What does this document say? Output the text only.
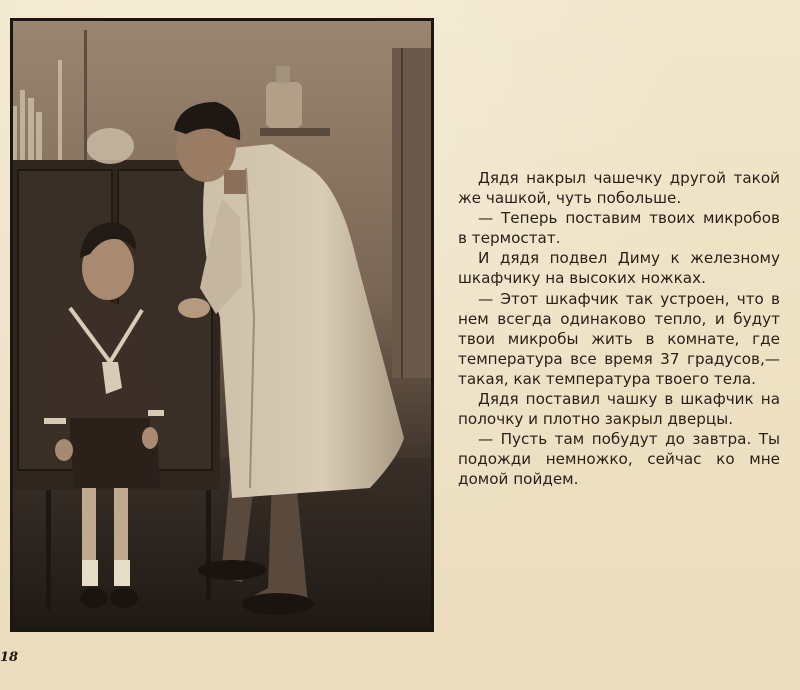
Дядя накрыл чашечку другой такой же чашкой, чуть побольше.

— Теперь поставим твоих микробов в термостат.

И дядя подвел Диму к железному шкафчику на высоких ножках.

— Этот шкафчик так устроен, что в нем всегда одинаково тепло, и будут твои микробы жить в комнате, где температура все время 37 градусов,— такая, как температура твоего тела.

Дядя поставил чашку в шкафчик на полочку и плотно закрыл дверцы.

— Пусть там побудут до завтра. Ты подожди немножко, сейчас ко мне домой пойдем.

18
